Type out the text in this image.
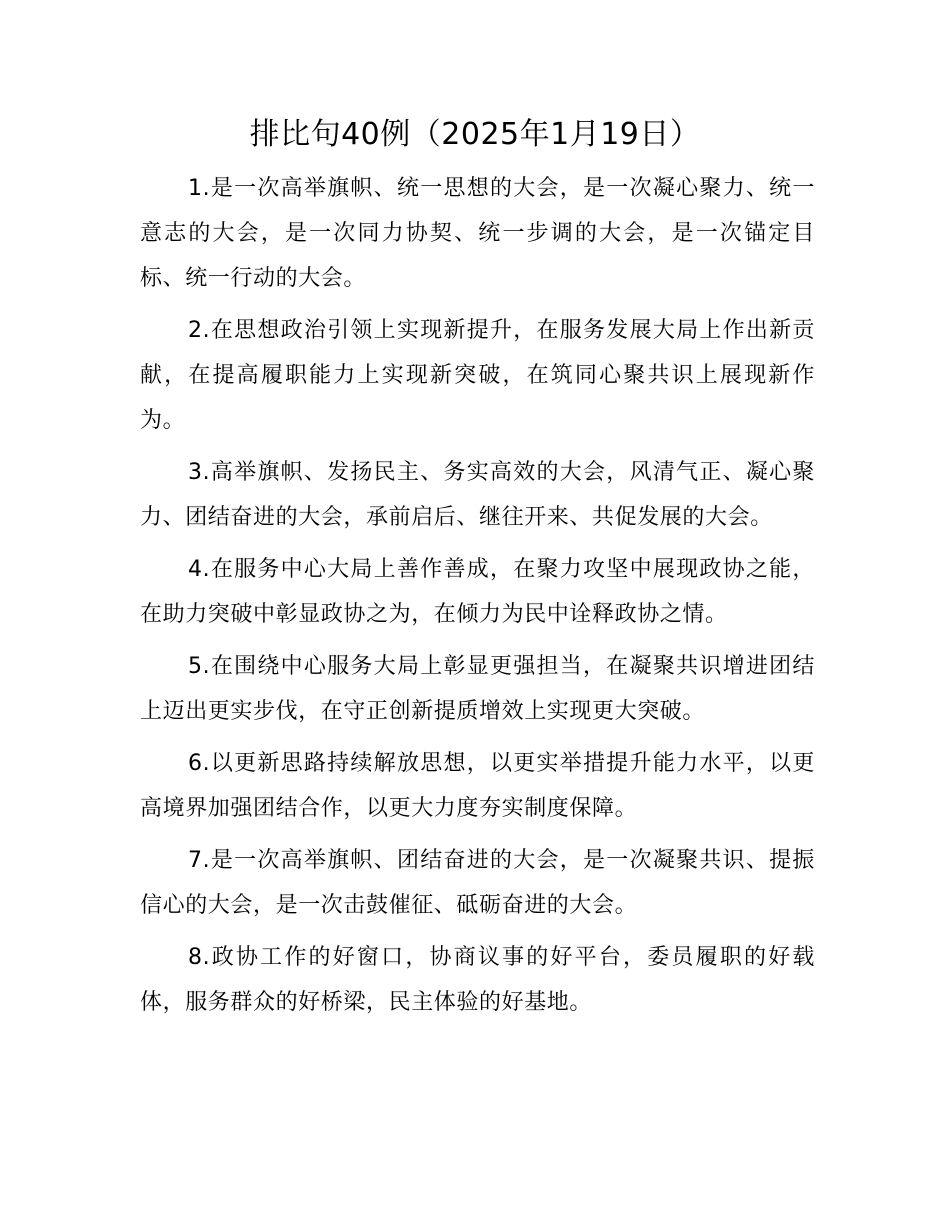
排比句40例（2025年1月19日）

1.是一次高举旗帜、统一思想的大会，是一次凝心聚力、统一意志的大会，是一次同力协契、统一步调的大会，是一次锚定目标、统一行动的大会。

2.在思想政治引领上实现新提升，在服务发展大局上作出新贡献，在提高履职能力上实现新突破，在筑同心聚共识上展现新作为。

3.高举旗帜、发扬民主、务实高效的大会，风清气正、凝心聚力、团结奋进的大会，承前启后、继往开来、共促发展的大会。

4.在服务中心大局上善作善成，在聚力攻坚中展现政协之能，在助力突破中彰显政协之为，在倾力为民中诠释政协之情。

5.在围绕中心服务大局上彰显更强担当，在凝聚共识增进团结上迈出更实步伐，在守正创新提质增效上实现更大突破。

6.以更新思路持续解放思想，以更实举措提升能力水平，以更高境界加强团结合作，以更大力度夯实制度保障。

7.是一次高举旗帜、团结奋进的大会，是一次凝聚共识、提振信心的大会，是一次击鼓催征、砥砺奋进的大会。

8.政协工作的好窗口，协商议事的好平台，委员履职的好载体，服务群众的好桥梁，民主体验的好基地。
